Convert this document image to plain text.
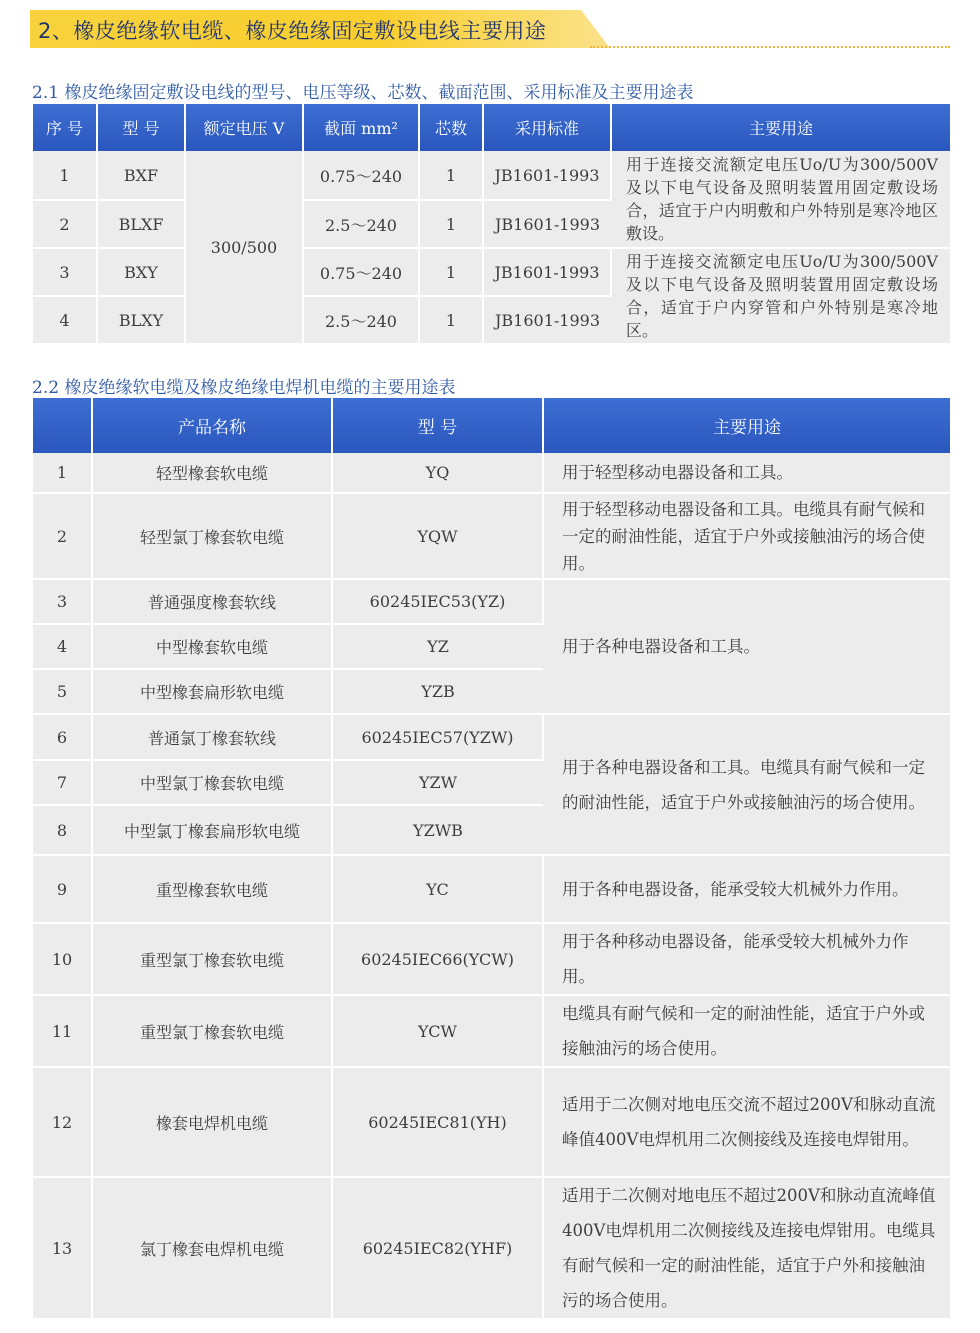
2、橡皮绝缘软电缆、橡皮绝缘固定敷设电线主要用途
2.1 橡皮绝缘固定敷设电线的型号、电压等级、芯数、截面范围、采用标准及主要用途表
序 号	型 号	额定电压 V	截面 mm²	芯数	采用标准	主要用途
1	BXF	300/500	0.75～240	1	JB1601-1993	用于连接交流额定电压Uo/U为300/500V及以下电气设备及照明装置用固定敷设场合，适宜于户内明敷和户外特别是寒冷地区敷设。
2	BLXF		2.5～240	1	JB1601-1993	
3	BXY		0.75～240	1	JB1601-1993	用于连接交流额定电压Uo/U为300/500V及以下电气设备及照明装置用固定敷设场合，适宜于户内穿管和户外特别是寒冷地区。
4	BLXY		2.5～240	1	JB1601-1993	
2.2 橡皮绝缘软电缆及橡皮绝缘电焊机电缆的主要用途表
	产品名称	型 号	主要用途
1	轻型橡套软电缆	YQ	用于轻型移动电器设备和工具。
2	轻型氯丁橡套软电缆	YQW	用于轻型移动电器设备和工具。电缆具有耐气候和一定的耐油性能，适宜于户外或接触油污的场合使用。
3	普通强度橡套软线	60245IEC53(YZ)	用于各种电器设备和工具。
4	中型橡套软电缆	YZ	
5	中型橡套扁形软电缆	YZB	
6	普通氯丁橡套软线	60245IEC57(YZW)	用于各种电器设备和工具。电缆具有耐气候和一定的耐油性能，适宜于户外或接触油污的场合使用。
7	中型氯丁橡套软电缆	YZW	
8	中型氯丁橡套扁形软电缆	YZWB	
9	重型橡套软电缆	YC	用于各种电器设备，能承受较大机械外力作用。
10	重型氯丁橡套软电缆	60245IEC66(YCW)	用于各种移动电器设备，能承受较大机械外力作用。
11	重型氯丁橡套软电缆	YCW	电缆具有耐气候和一定的耐油性能，适宜于户外或接触油污的场合使用。
12	橡套电焊机电缆	60245IEC81(YH)	适用于二次侧对地电压交流不超过200V和脉动直流峰值400V电焊机用二次侧接线及连接电焊钳用。
13	氯丁橡套电焊机电缆	60245IEC82(YHF)	适用于二次侧对地电压不超过200V和脉动直流峰值400V电焊机用二次侧接线及连接电焊钳用。电缆具有耐气候和一定的耐油性能，适宜于户外和接触油污的场合使用。
